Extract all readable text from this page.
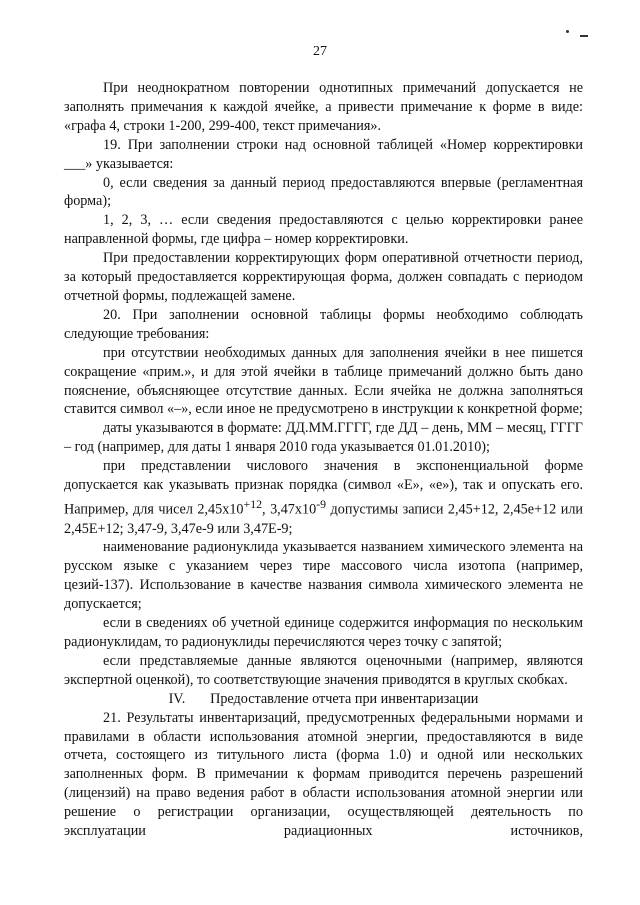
27

При неоднократном повторении однотипных примечаний допускается не заполнять примечания к каждой ячейке, а привести примечание к форме в виде: «графа 4, строки 1-200, 299-400, текст примечания».

19. При заполнении строки над основной таблицей «Номер корректировки ___» указывается:

0, если сведения за данный период предоставляются впервые (регламентная форма);

1, 2, 3, … если сведения предоставляются с целью корректировки ранее направленной формы, где цифра – номер корректировки.

При предоставлении корректирующих форм оперативной отчетности период, за который предоставляется корректирующая форма, должен совпадать с периодом отчетной формы, подлежащей замене.

20. При заполнении основной таблицы формы необходимо соблюдать следующие требования:

при отсутствии необходимых данных для заполнения ячейки в нее пишется сокращение «прим.», и для этой ячейки в таблице примечаний должно быть дано пояснение, объясняющее отсутствие данных. Если ячейка не должна заполняться ставится символ «–», если иное не предусмотрено в инструкции к конкретной форме;

даты указываются в формате: ДД.ММ.ГГГГ, где ДД – день, ММ – месяц, ГГГГ – год (например, для даты 1 января 2010 года указывается 01.01.2010);

при представлении числового значения в экспоненциальной форме допускается как указывать признак порядка (символ «Е», «е»), так и опускать его. Например, для чисел $2,45x10^{+12}$, $3,47x10^{-9}$ допустимы записи 2,45+12, 2,45е+12 или 2,45Е+12; 3,47-9, 3,47е-9 или 3,47Е-9;

наименование радионуклида указывается названием химического элемента на русском языке с указанием через тире массового числа изотопа (например, цезий-137). Использование в качестве названия символа химического элемента не допускается;

если в сведениях об учетной единице содержится информация по нескольким радионуклидам, то радионуклиды перечисляются через точку с запятой;

если представляемые данные являются оценочными (например, являются экспертной оценкой), то соответствующие значения приводятся в круглых скобках.

IV. Предоставление отчета при инвентаризации

21. Результаты инвентаризаций, предусмотренных федеральными нормами и правилами в области использования атомной энергии, предоставляются в виде отчета, состоящего из титульного листа (форма 1.0) и одной или нескольких заполненных форм. В примечании к формам приводится перечень разрешений (лицензий) на право ведения работ в области использования атомной энергии или решение о регистрации организации, осуществляющей деятельность по эксплуатации радиационных источников,
